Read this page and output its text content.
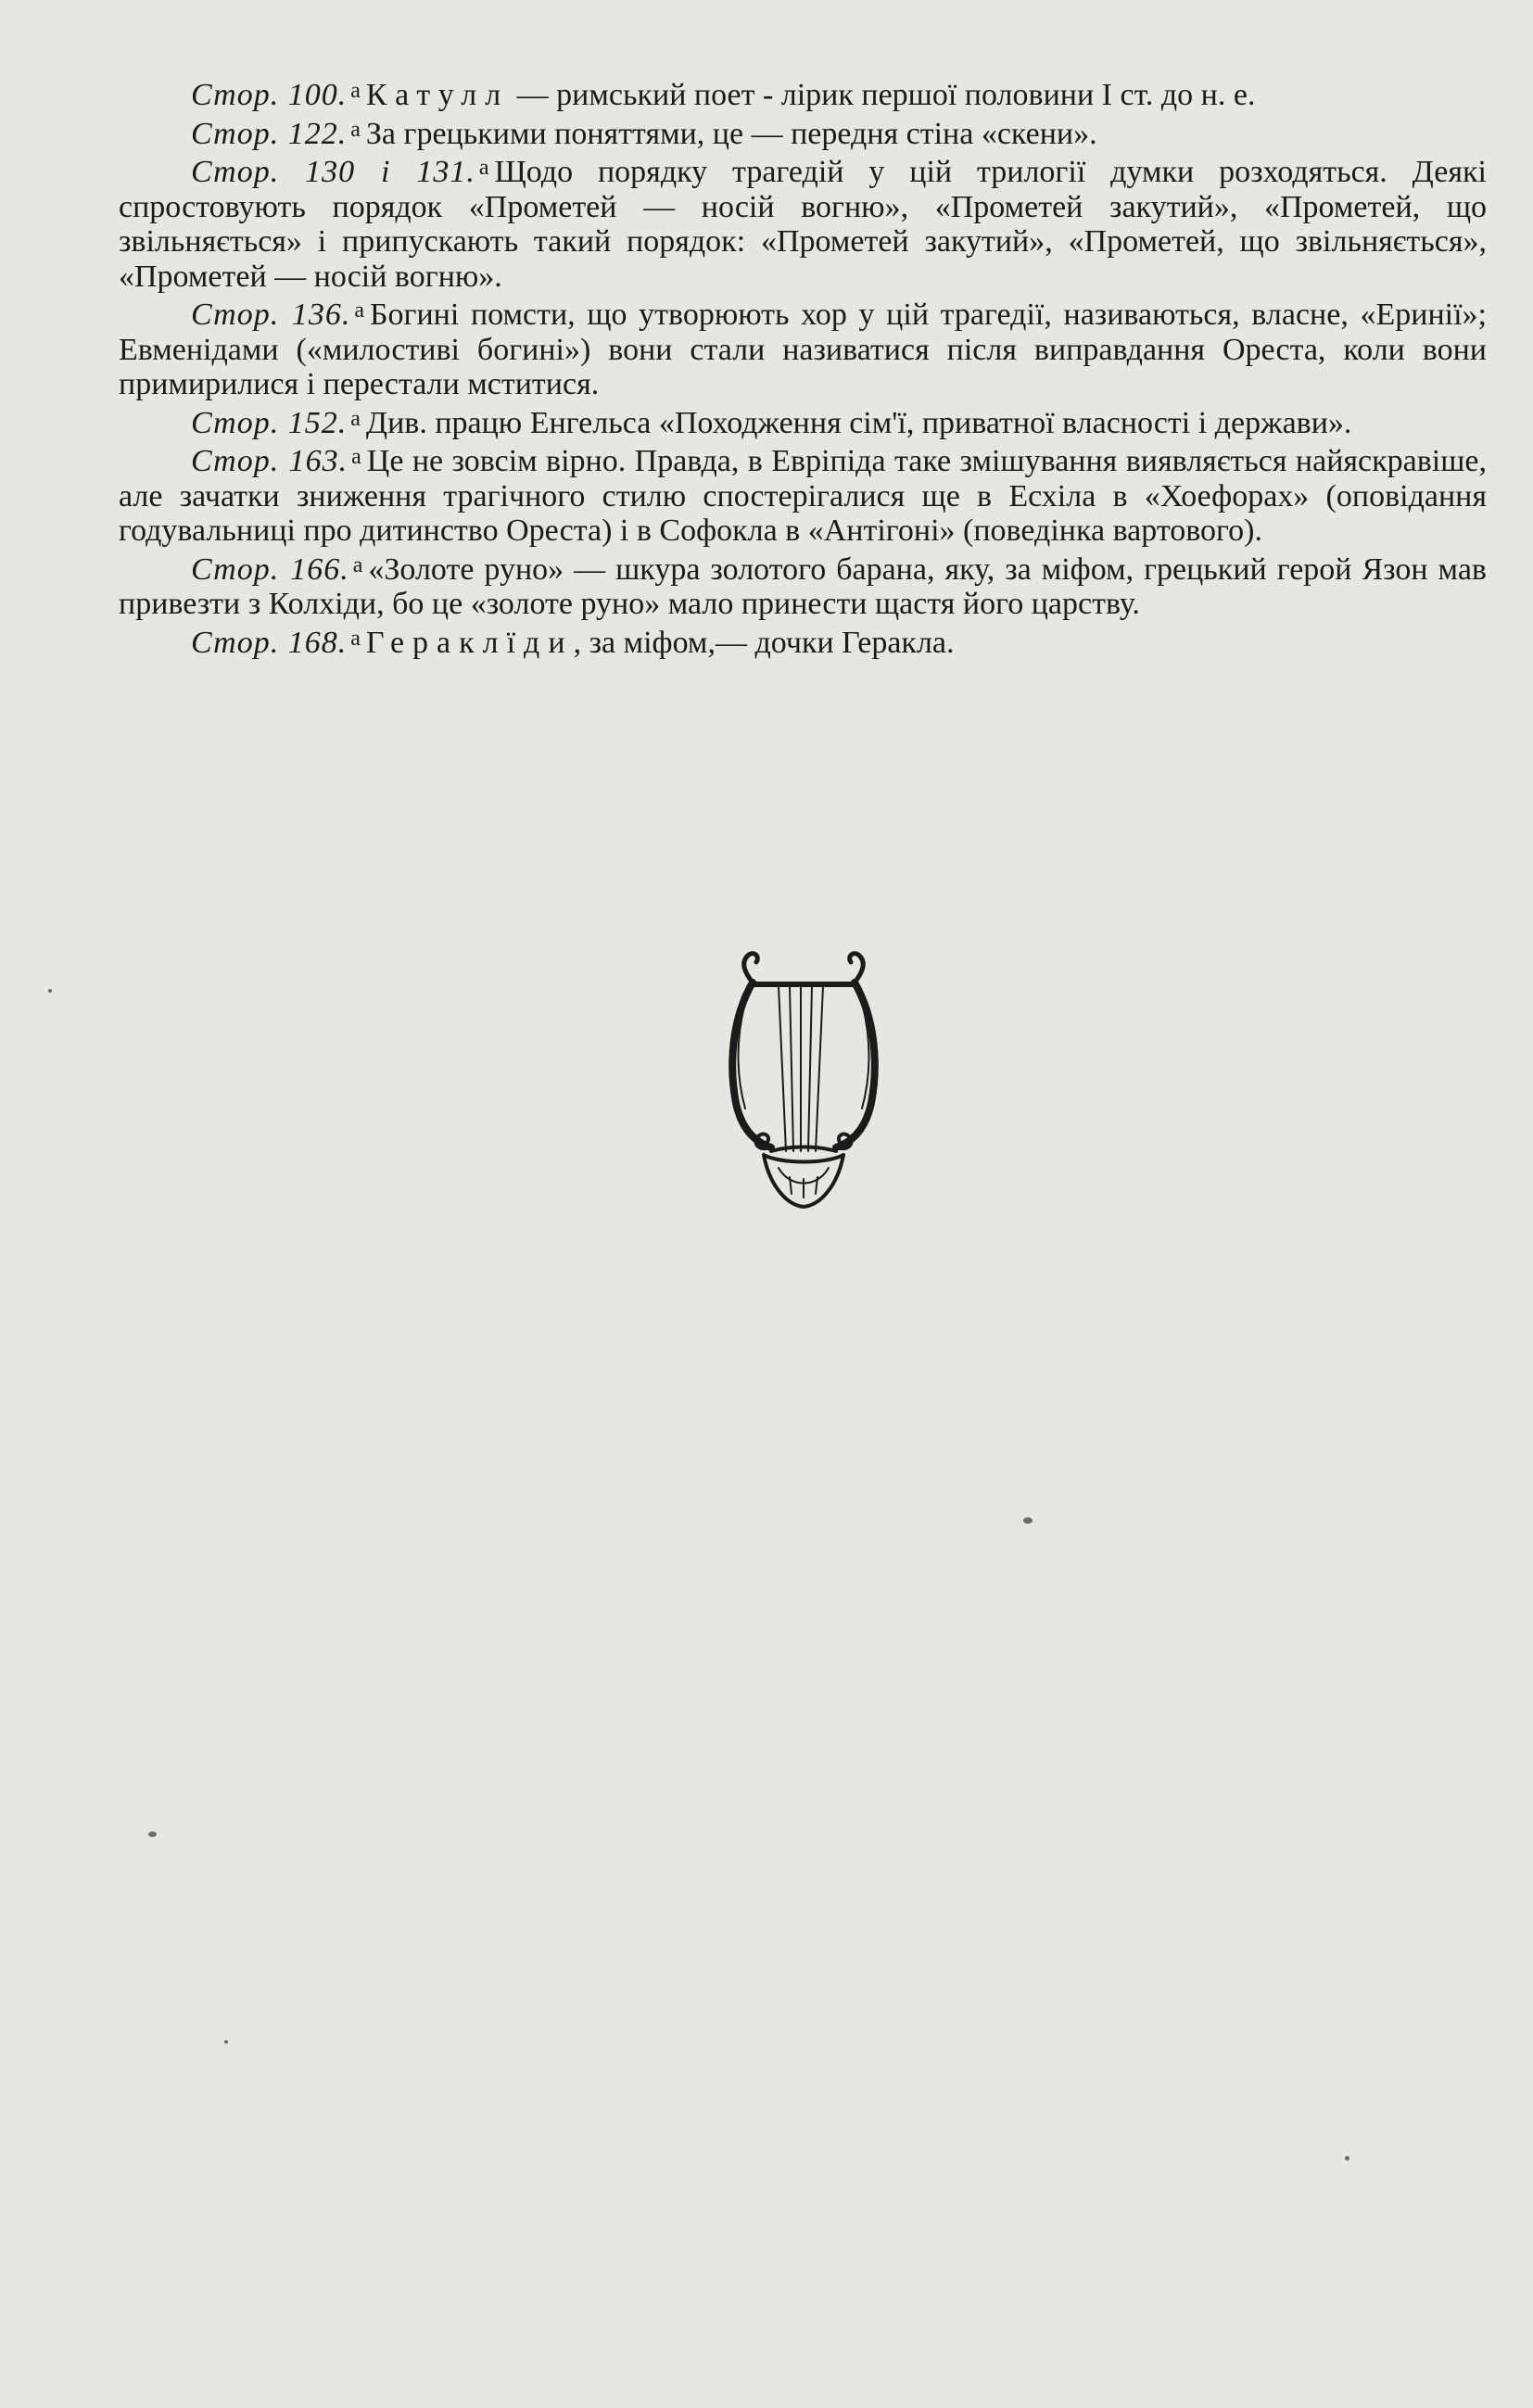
Стор. 100. $^а$ Катулл — римський поет - лірик першої половини І ст. до н. е.

Стор. 122. $^а$ За грецькими поняттями, це — передня стіна «скени».

Стор. 130 і 131. $^а$ Щодо порядку трагедій у цій трилогії думки розходяться. Деякі спростовують порядок «Прометей — носій вогню», «Прометей закутий», «Прометей, що звільняється» і припускають такий порядок: «Прометей закутий», «Прометей, що звільняється», «Прометей — носій вогню».

Стор. 136. $^а$ Богині помсти, що утворюють хор у цій трагедії, називаються, власне, «Еринії»; Евменідами («милостиві богині») вони стали називатися після виправдання Ореста, коли вони примирилися і перестали мститися.

Стор. 152. $^а$ Див. працю Енгельса «Походження сім'ї, приватної власності і держави».

Стор. 163. $^а$ Це не зовсім вірно. Правда, в Евріпіда таке змішування виявляється найяскравіше, але зачатки зниження трагічного стилю спостерігалися ще в Есхіла в «Хоефорах» (оповідання годувальниці про дитинство Ореста) і в Софокла в «Антігоні» (поведінка вартового).

Стор. 166. $^а$ «Золоте руно» — шкура золотого барана, яку, за міфом, грецький герой Язон мав привезти з Колхіди, бо це «золоте руно» мало принести щастя його царству.

Стор. 168. $^а$ Гераклїди, за міфом,— дочки Геракла.
